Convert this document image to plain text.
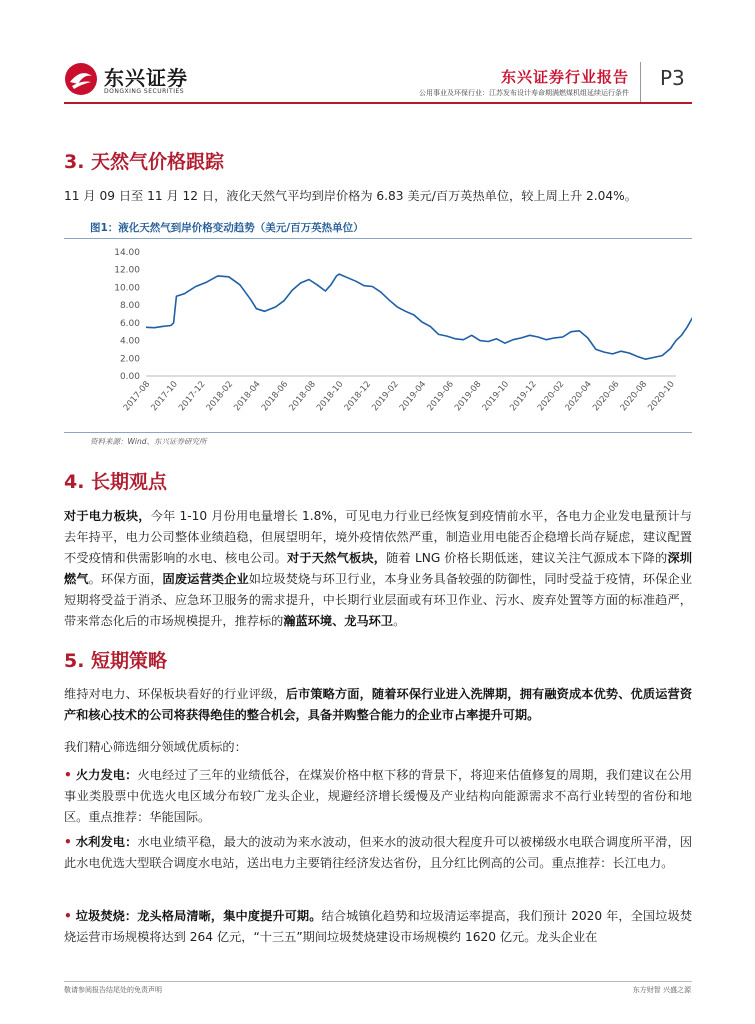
东兴证券
DONGXING SECURITIES
东兴证券行业报告
公用事业及环保行业：江苏发布设计寿命期满燃煤机组延续运行条件
P3
3. 天然气价格跟踪
11 月 09 日至 11 月 12 日，液化天然气平均到岸价格为 6.83 美元/百万英热单位，较上周上升 2.04%。
图1：液化天然气到岸价格变动趋势（美元/百万英热单位）
0.00
2.00
4.00
6.00
8.00
10.00
12.00
14.00
2017-08
2017-10
2017-12
2018-02
2018-04
2018-06
2018-08
2018-10
2018-12
2019-02
2019-04
2019-06
2019-08
2019-10
2019-12
2020-02
2020-04
2020-06
2020-08
2020-10
资料来源：Wind、东兴证券研究所
4. 长期观点
对于电力板块，今年 1-10 月份用电量增长 1.8%，可见电力行业已经恢复到疫情前水平，各电力企业发电量预计与去年持平，电力公司整体业绩趋稳，但展望明年，境外疫情依然严重，制造业用电能否企稳增长尚存疑虑，建议配置不受疫情和供需影响的水电、核电公司。对于天然气板块，随着 LNG 价格长期低迷，建议关注气源成本下降的深圳燃气。环保方面，固废运营类企业如垃圾焚烧与环卫行业，本身业务具备较强的防御性，同时受益于疫情，环保企业短期将受益于消杀、应急环卫服务的需求提升，中长期行业层面或有环卫作业、污水、废弃处置等方面的标准趋严，带来常态化后的市场规模提升，推荐标的瀚蓝环境、龙马环卫。
5. 短期策略
维持对电力、环保板块看好的行业评级，后市策略方面，随着环保行业进入洗牌期，拥有融资成本优势、优质运营资产和核心技术的公司将获得绝佳的整合机会，具备并购整合能力的企业市占率提升可期。
我们精心筛选细分领域优质标的：
• 火力发电：火电经过了三年的业绩低谷，在煤炭价格中枢下移的背景下，将迎来估值修复的周期，我们建议在公用事业类股票中优选火电区域分布较广龙头企业，规避经济增长缓慢及产业结构向能源需求不高行业转型的省份和地区。重点推荐：华能国际。
• 水利发电：水电业绩平稳，最大的波动为来水波动，但来水的波动很大程度升可以被梯级水电联合调度所平滑，因此水电优选大型联合调度水电站，送出电力主要销往经济发达省份，且分红比例高的公司。重点推荐：长江电力。
• 垃圾焚烧：龙头格局清晰，集中度提升可期。结合城镇化趋势和垃圾清运率提高，我们预计 2020 年，全国垃圾焚烧运营市场规模将达到 264 亿元，“十三五”期间垃圾焚烧建设市场规模约 1620 亿元。龙头企业在
敬请参阅报告结尾处的免责声明	东方财智 兴盛之源
